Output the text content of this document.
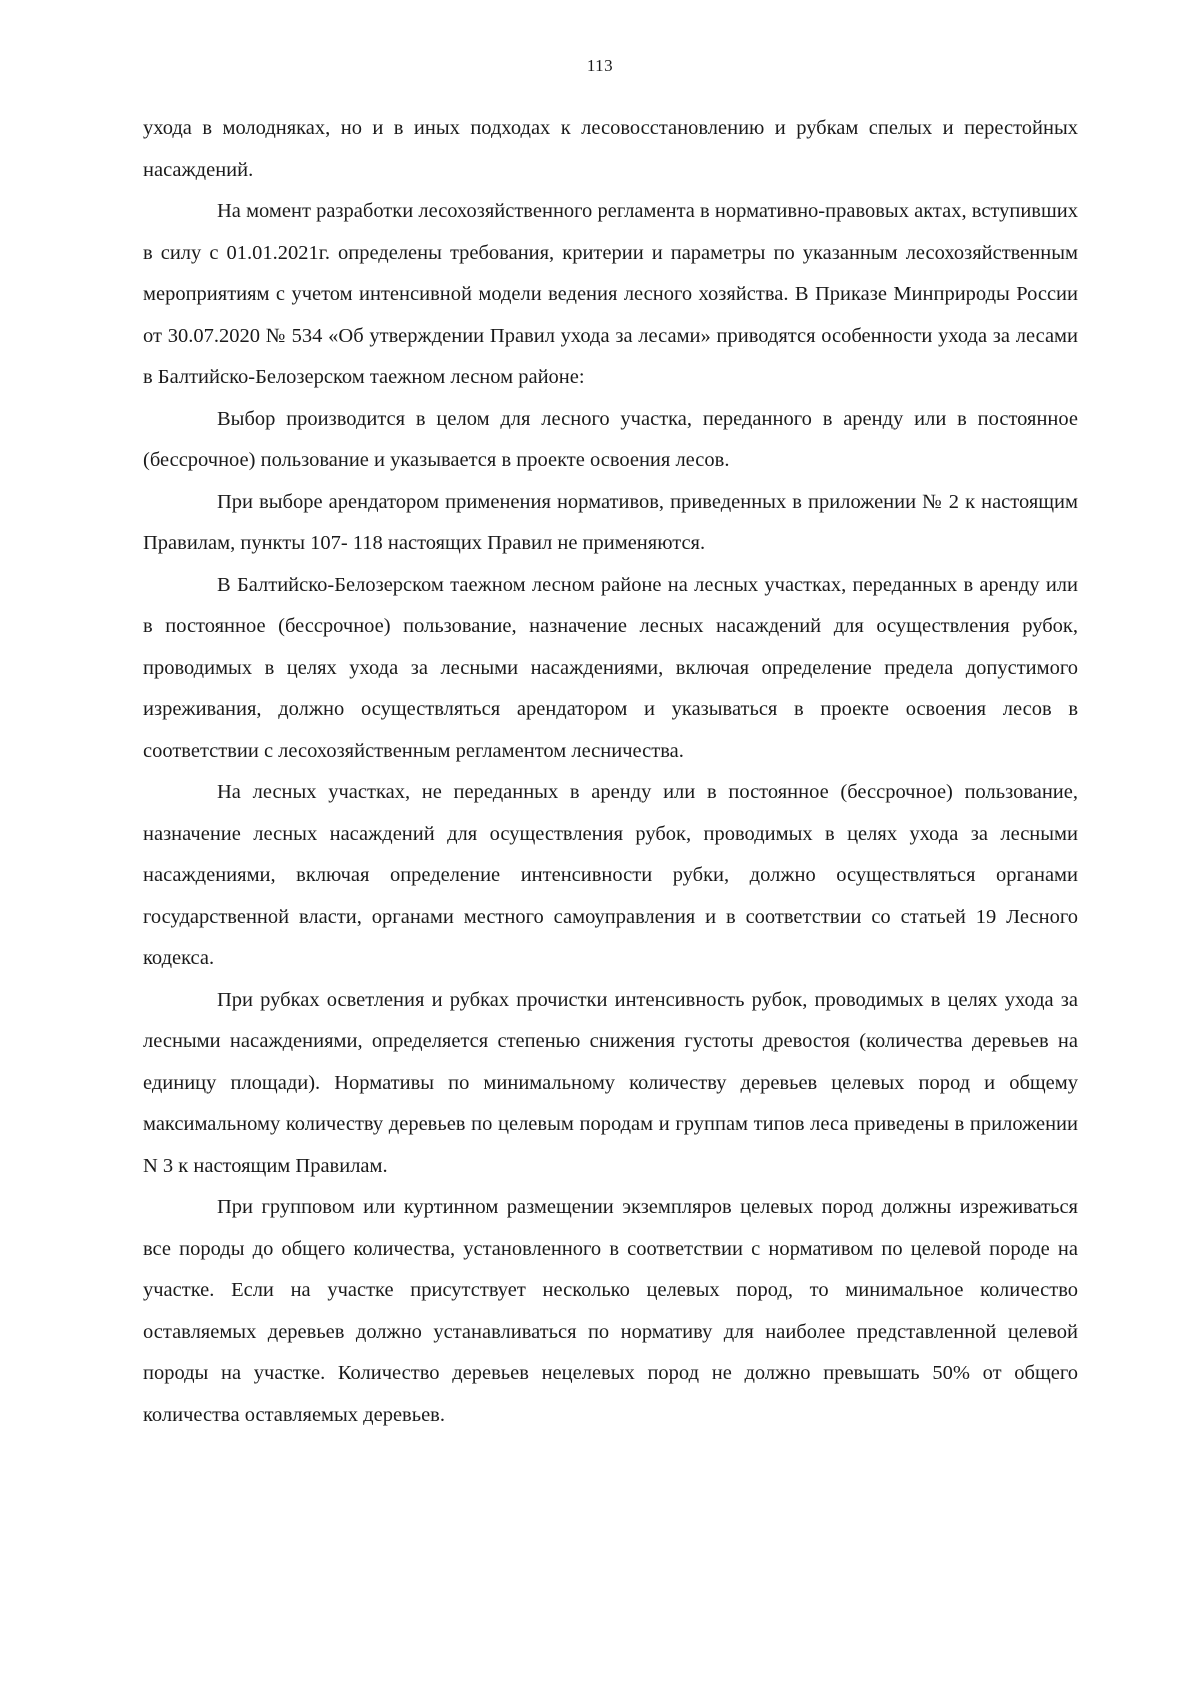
113

ухода в молодняках, но и в иных подходах к лесовосстановлению и рубкам спелых и перестойных насаждений.

На момент разработки лесохозяйственного регламента в нормативно-правовых актах, вступивших в силу с 01.01.2021г. определены требования, критерии и параметры по указанным лесохозяйственным мероприятиям с учетом интенсивной модели ведения лесного хозяйства. В Приказе Минприроды России от 30.07.2020 № 534 «Об утверждении Правил ухода за лесами» приводятся особенности ухода за лесами в Балтийско-Белозерском таежном лесном районе:

Выбор производится в целом для лесного участка, переданного в аренду или в постоянное (бессрочное) пользование и указывается в проекте освоения лесов.

При выборе арендатором применения нормативов, приведенных в приложении № 2 к настоящим Правилам, пункты 107- 118 настоящих Правил не применяются.

В Балтийско-Белозерском таежном лесном районе на лесных участках, переданных в аренду или в постоянное (бессрочное) пользование, назначение лесных насаждений для осуществления рубок, проводимых в целях ухода за лесными насаждениями, включая определение предела допустимого изреживания, должно осуществляться арендатором и указываться в проекте освоения лесов в соответствии с лесохозяйственным регламентом лесничества.

На лесных участках, не переданных в аренду или в постоянное (бессрочное) пользование, назначение лесных насаждений для осуществления рубок, проводимых в целях ухода за лесными насаждениями, включая определение интенсивности рубки, должно осуществляться органами государственной власти, органами местного самоуправления и в соответствии со статьей 19 Лесного кодекса.

При рубках осветления и рубках прочистки интенсивность рубок, проводимых в целях ухода за лесными насаждениями, определяется степенью снижения густоты древостоя (количества деревьев на единицу площади). Нормативы по минимальному количеству деревьев целевых пород и общему максимальному количеству деревьев по целевым породам и группам типов леса приведены в приложении N 3 к настоящим Правилам.

При групповом или куртинном размещении экземпляров целевых пород должны изреживаться все породы до общего количества, установленного в соответствии с нормативом по целевой породе на участке. Если на участке присутствует несколько целевых пород, то минимальное количество оставляемых деревьев должно устанавливаться по нормативу для наиболее представленной целевой породы на участке. Количество деревьев нецелевых пород не должно превышать 50% от общего количества оставляемых деревьев.
